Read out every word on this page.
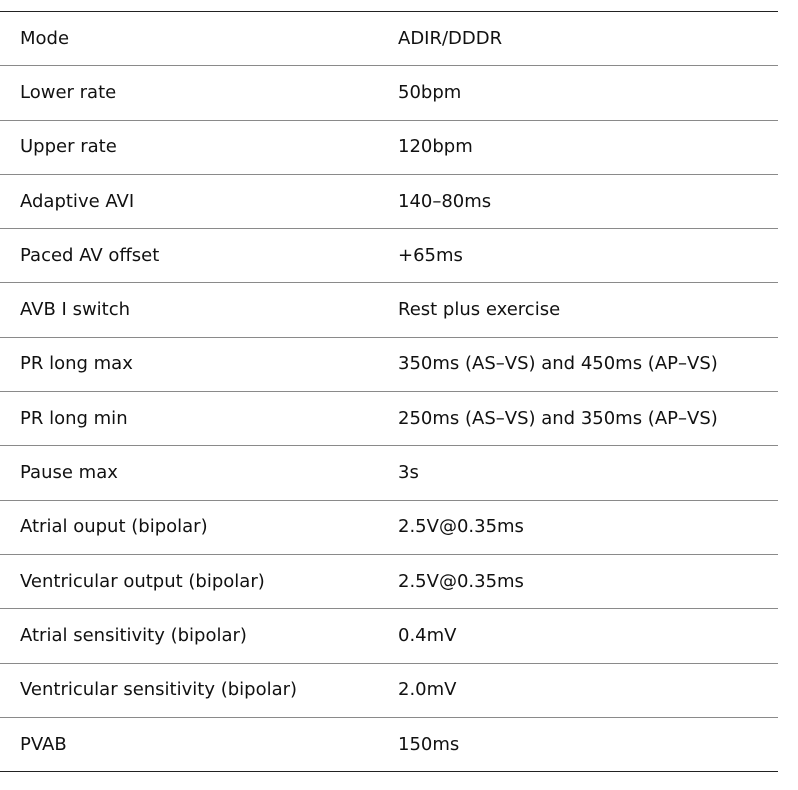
Mode	ADIR/DDDR
Lower rate	50bpm
Upper rate	120bpm
Adaptive AVI	140–80ms
Paced AV offset	+65ms
AVB I switch	Rest plus exercise
PR long max	350ms (AS–VS) and 450ms (AP–VS)
PR long min	250ms (AS–VS) and 350ms (AP–VS)
Pause max	3s
Atrial ouput (bipolar)	2.5V@0.35ms
Ventricular output (bipolar)	2.5V@0.35ms
Atrial sensitivity (bipolar)	0.4mV
Ventricular sensitivity (bipolar)	2.0mV
PVAB	150ms
